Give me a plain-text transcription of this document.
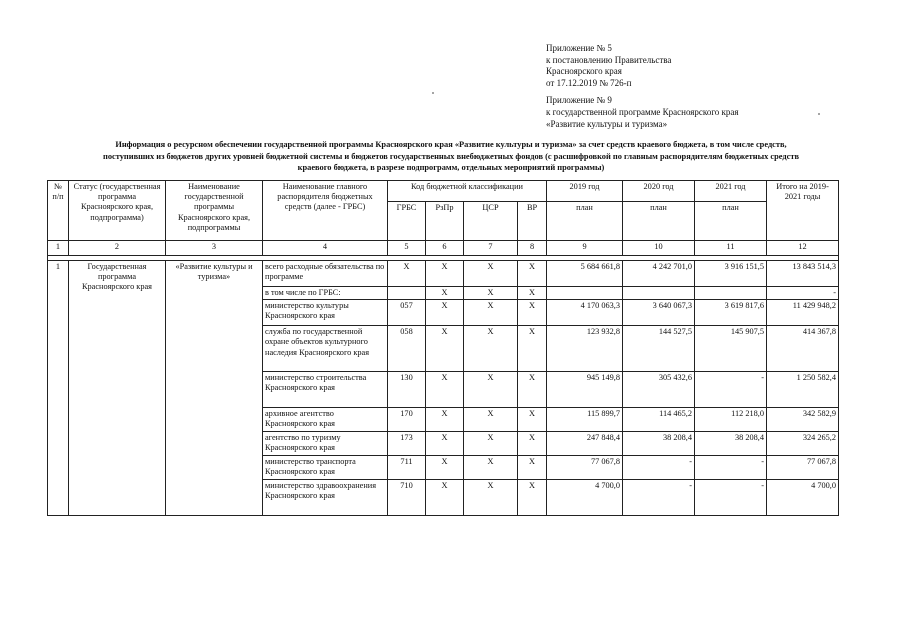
Приложение № 5
к постановлению Правительства
Красноярского края
от 17.12.2019 № 726-п
Приложение № 9
к государственной программе Красноярского края
«Развитие культуры и туризма»
Информация о ресурсном обеспечении государственной программы Красноярского края «Развитие культуры и туризма» за счет средств краевого бюджета, в том числе средств,
поступивших из бюджетов других уровней бюджетной системы и бюджетов государственных внебюджетных фондов (с расшифровкой по главным распорядителям бюджетных средств
краевого бюджета, в разрезе подпрограмм, отдельных мероприятий программы)
№ п/п	Статус (государственная программа Красноярского края, подпрограмма)	Наименование государственной программы Красноярского края, подпрограммы	Наименование главного распорядителя бюджетных средств (далее - ГРБС)	Код бюджетной классификации				2019 год	2020 год	2021 год	Итого на 2019-2021 годы
				ГРБС	РзПр	ЦСР	ВР	план	план	план	
1	2	3	4	5	6	7	8	9	10	11	12

1	Государственная программа Красноярского края	«Развитие культуры и туризма»	всего расходные обязательства по программе	Х	Х	Х	Х	5 684 661,8	4 242 701,0	3 916 151,5	13 843 514,3
			в том числе по ГРБС:		Х	Х	Х				-
			министерство культуры Красноярского края	057	Х	Х	Х	4 170 063,3	3 640 067,3	3 619 817,6	11 429 948,2
			служба по государственной охране объектов культурного наследия Красноярского края	058	Х	Х	Х	123 932,8	144 527,5	145 907,5	414 367,8
			министерство строительства Красноярского края	130	Х	Х	Х	945 149,8	305 432,6	-	1 250 582,4
			архивное агентство Красноярского края	170	Х	Х	Х	115 899,7	114 465,2	112 218,0	342 582,9
			агентство по туризму Красноярского края	173	Х	Х	Х	247 848,4	38 208,4	38 208,4	324 265,2
			министерство транспорта Красноярского края	711	Х	Х	Х	77 067,8	-	-	77 067,8
			министерство здравоохранения Красноярского края	710	Х	Х	Х	4 700,0	-	-	4 700,0
